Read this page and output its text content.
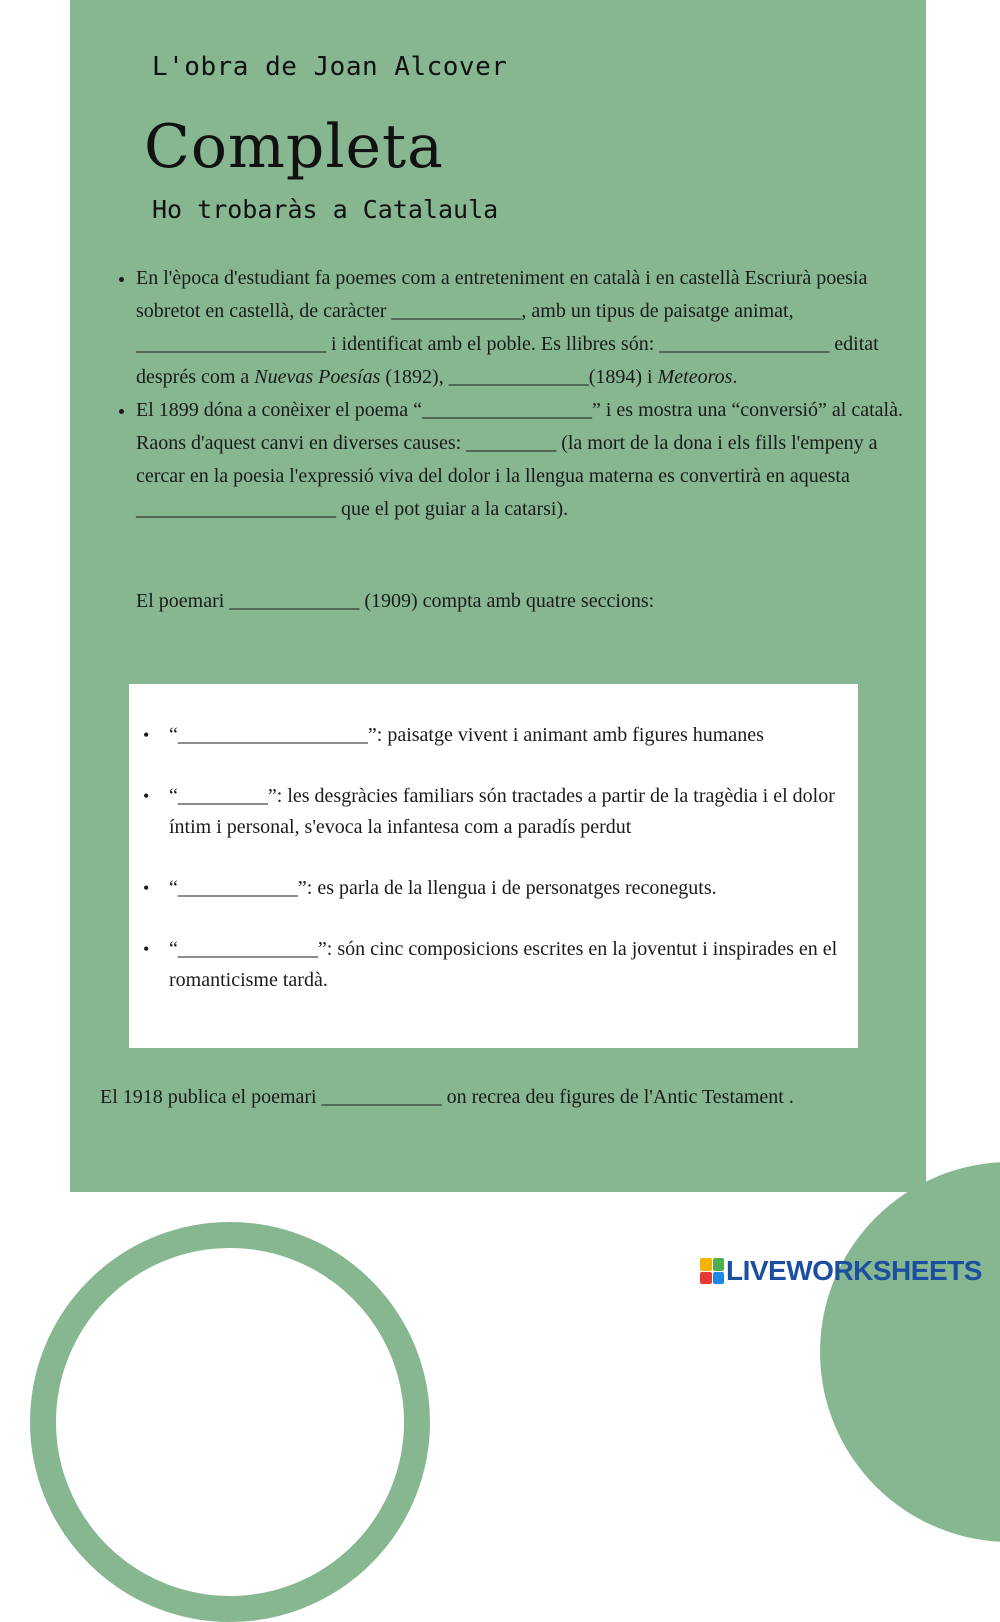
L'obra de Joan Alcover

Completa

Ho trobaràs a Catalaula

• En l'època d'estudiant fa poemes com a entreteniment en català i en castellà Escriurà poesia sobretot en castellà, de caràcter _____________, amb un tipus de paisatge animat, ___________________ i identificat amb el poble. Es llibres són: _________________ editat després com a Nuevas Poesías (1892), ______________(1894) i Meteoros.
• El 1899 dóna a conèixer el poema “_________________” i es mostra una “conversió” al català. Raons d'aquest canvi en diverses causes: _________ (la mort de la dona i els fills l'empeny a cercar en la poesia l'expressió viva del dolor i la llengua materna es convertirà en aquesta ____________________ que el pot guiar a la catarsi).

El poemari _____________ (1909) compta amb quatre seccions:

• “___________________”: paisatge vivent i animant amb figures humanes
• “_________”: les desgràcies familiars són tractades a partir de la tragèdia i el dolor íntim i personal, s'evoca la infantesa com a paradís perdut
• “____________”: es parla de la llengua i de personatges reconeguts.
• “______________”: són cinc composicions escrites en la joventut i inspirades en el romanticisme tardà.

El 1918 publica el poemari ____________ on recrea deu figures de l'Antic Testament .

LIVEWORKSHEETS
